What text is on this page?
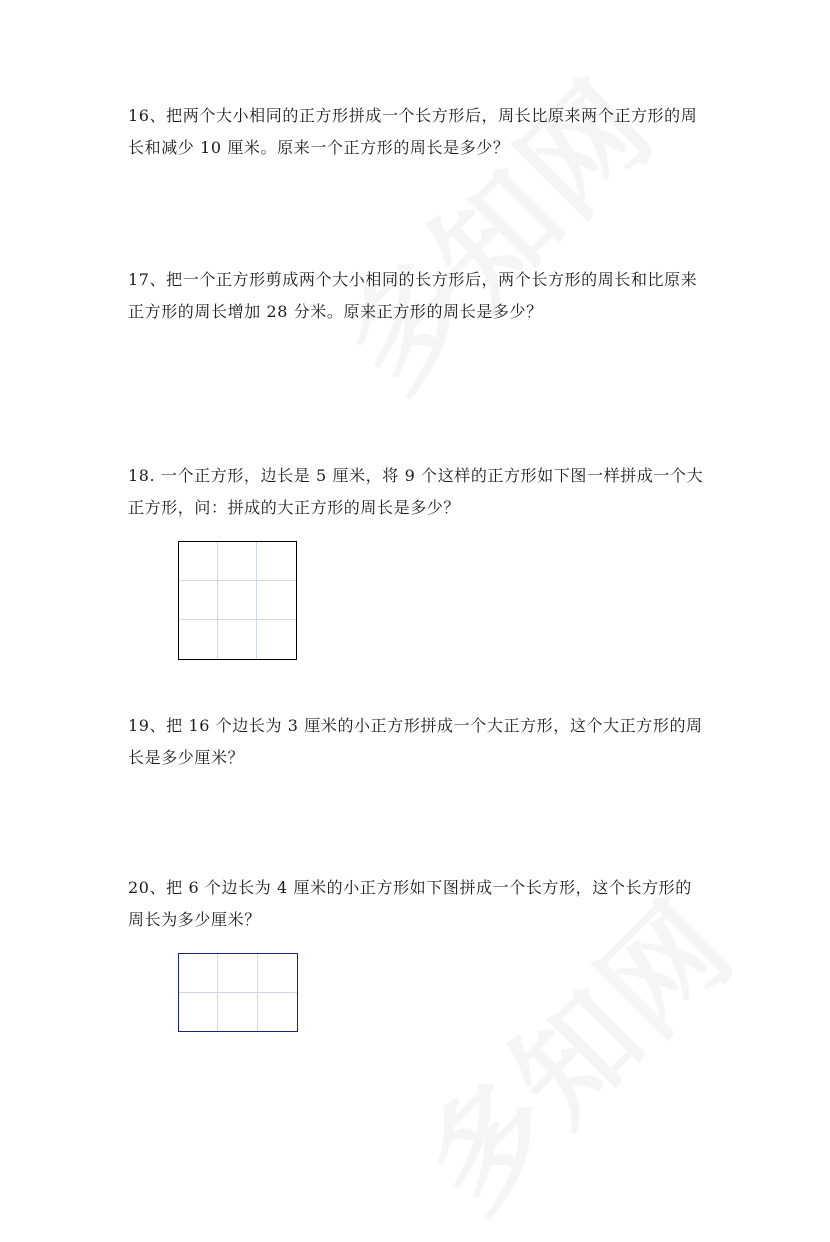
16、把两个大小相同的正方形拼成一个长方形后，周长比原来两个正方形的周长和减少 10 厘米。原来一个正方形的周长是多少？
17、把一个正方形剪成两个大小相同的长方形后，两个长方形的周长和比原来正方形的周长增加 28 分米。原来正方形的周长是多少？
18. 一个正方形，边长是 5 厘米，将 9 个这样的正方形如下图一样拼成一个大正方形，问：拼成的大正方形的周长是多少？
19、把 16 个边长为 3 厘米的小正方形拼成一个大正方形，这个大正方形的周长是多少厘米？
20、把 6 个边长为 4 厘米的小正方形如下图拼成一个长方形，这个长方形的周长为多少厘米？
